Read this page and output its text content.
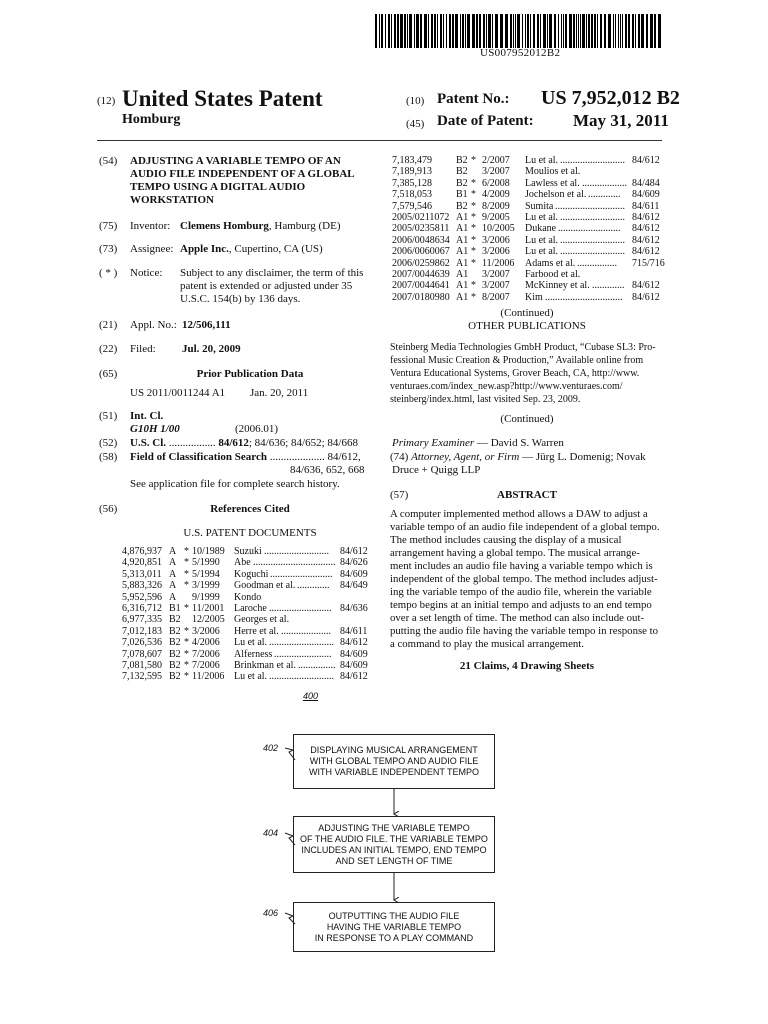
US007952012B2
(12) United States Patent
Homburg
(10) Patent No.: US 7,952,012 B2
(45) Date of Patent: May 31, 2011
(54) ADJUSTING A VARIABLE TEMPO OF AN
AUDIO FILE INDEPENDENT OF A GLOBAL
TEMPO USING A DIGITAL AUDIO
WORKSTATION
(75) Inventor: Clemens Homburg, Hamburg (DE)
(73) Assignee: Apple Inc., Cupertino, CA (US)
( * ) Notice: Subject to any disclaimer, the term of this
patent is extended or adjusted under 35
U.S.C. 154(b) by 136 days.
(21) Appl. No.: 12/506,111
(22) Filed: Jul. 20, 2009
(65)	Prior Publication Data
US 2011/0011244 A1 Jan. 20, 2011
(51) Int. Cl.
G10H 1/00	(2006.01)
(52) U.S. Cl. ................. 84/612; 84/636; 84/652; 84/668
(58) Field of Classification Search .................... 84/612,
84/636, 652, 668
See application file for complete search history.
(56)	References Cited
U.S. PATENT DOCUMENTS
4,876,937 A * 10/1989 Suzuki .......................... 84/612
4,920,851 A * 5/1990 Abe ................................. 84/626
5,313,011 A * 5/1994 Koguchi ......................... 84/609
5,883,326 A * 3/1999 Goodman et al. ............. 84/649
5,952,596 A 9/1999 Kondo
6,316,712 B1 * 11/2001 Laroche ......................... 84/636
6,977,335 B2 12/2005 Georges et al.
7,012,183 B2 * 3/2006 Herre et al. .................... 84/611
7,026,536 B2 * 4/2006 Lu et al. .......................... 84/612
7,078,607 B2 * 7/2006 Alferness ....................... 84/609
7,081,580 B2 * 7/2006 Brinkman et al. ............... 84/609
7,132,595 B2 * 11/2006 Lu et al. .......................... 84/612
7,183,479 B2 * 2/2007 Lu et al. .......................... 84/612
7,189,913 B2 3/2007 Moulios et al.
7,385,128 B2 * 6/2008 Lawless et al. .................. 84/484
7,518,053 B1 * 4/2009 Jochelson et al. ............. 84/609
7,579,546 B2 * 8/2009 Sumita ............................ 84/611
2005/0211072 A1 * 9/2005 Lu et al. .......................... 84/612
2005/0235811 A1 * 10/2005 Dukane ......................... 84/612
2006/0048634 A1 * 3/2006 Lu et al. .......................... 84/612
2006/0060067 A1 * 3/2006 Lu et al. .......................... 84/612
2006/0259862 A1 * 11/2006 Adams et al. ................ 715/716
2007/0044639 A1 3/2007 Farbood et al.
2007/0044641 A1 * 3/2007 McKinney et al. ............. 84/612
2007/0180980 A1 * 8/2007 Kim ............................... 84/612
(Continued)
OTHER PUBLICATIONS
Steinberg Media Technologies GmbH Product, “Cubase SL3: Pro-
fessional Music Creation & Production,” Available online from
Ventura Educational Systems, Grover Beach, CA, http://www.
venturaes.com/index_new.asp?http://www.venturaes.com/
steinberg/index.html, last visited Sep. 23, 2009.
(Continued)
Primary Examiner — David S. Warren
(74) Attorney, Agent, or Firm — Jürg L. Domenig; Novak
Druce + Quigg LLP
(57)	ABSTRACT
A computer implemented method allows a DAW to adjust a
variable tempo of an audio file independent of a global tempo.
The method includes causing the display of a musical
arrangement having a global tempo. The musical arrange-
ment includes an audio file having a variable tempo which is
independent of the global tempo. The method includes adjust-
ing the variable tempo of the audio file, wherein the variable
tempo begins at an initial tempo and adjusts to an end tempo
over a set length of time. The method can also include out-
putting the audio file having the variable tempo in response to
a command to play the musical arrangement.
21 Claims, 4 Drawing Sheets
400
402	DISPLAYING MUSICAL ARRANGEMENT
WITH GLOBAL TEMPO AND AUDIO FILE
WITH VARIABLE INDEPENDENT TEMPO
404
ADJUSTING THE VARIABLE TEMPO
OF THE AUDIO FILE. THE VARIABLE TEMPO
INCLUDES AN INITIAL TEMPO, END TEMPO
AND SET LENGTH OF TIME
406	OUTPUTTING THE AUDIO FILE
HAVING THE VARIABLE TEMPO
IN RESPONSE TO A PLAY COMMAND
